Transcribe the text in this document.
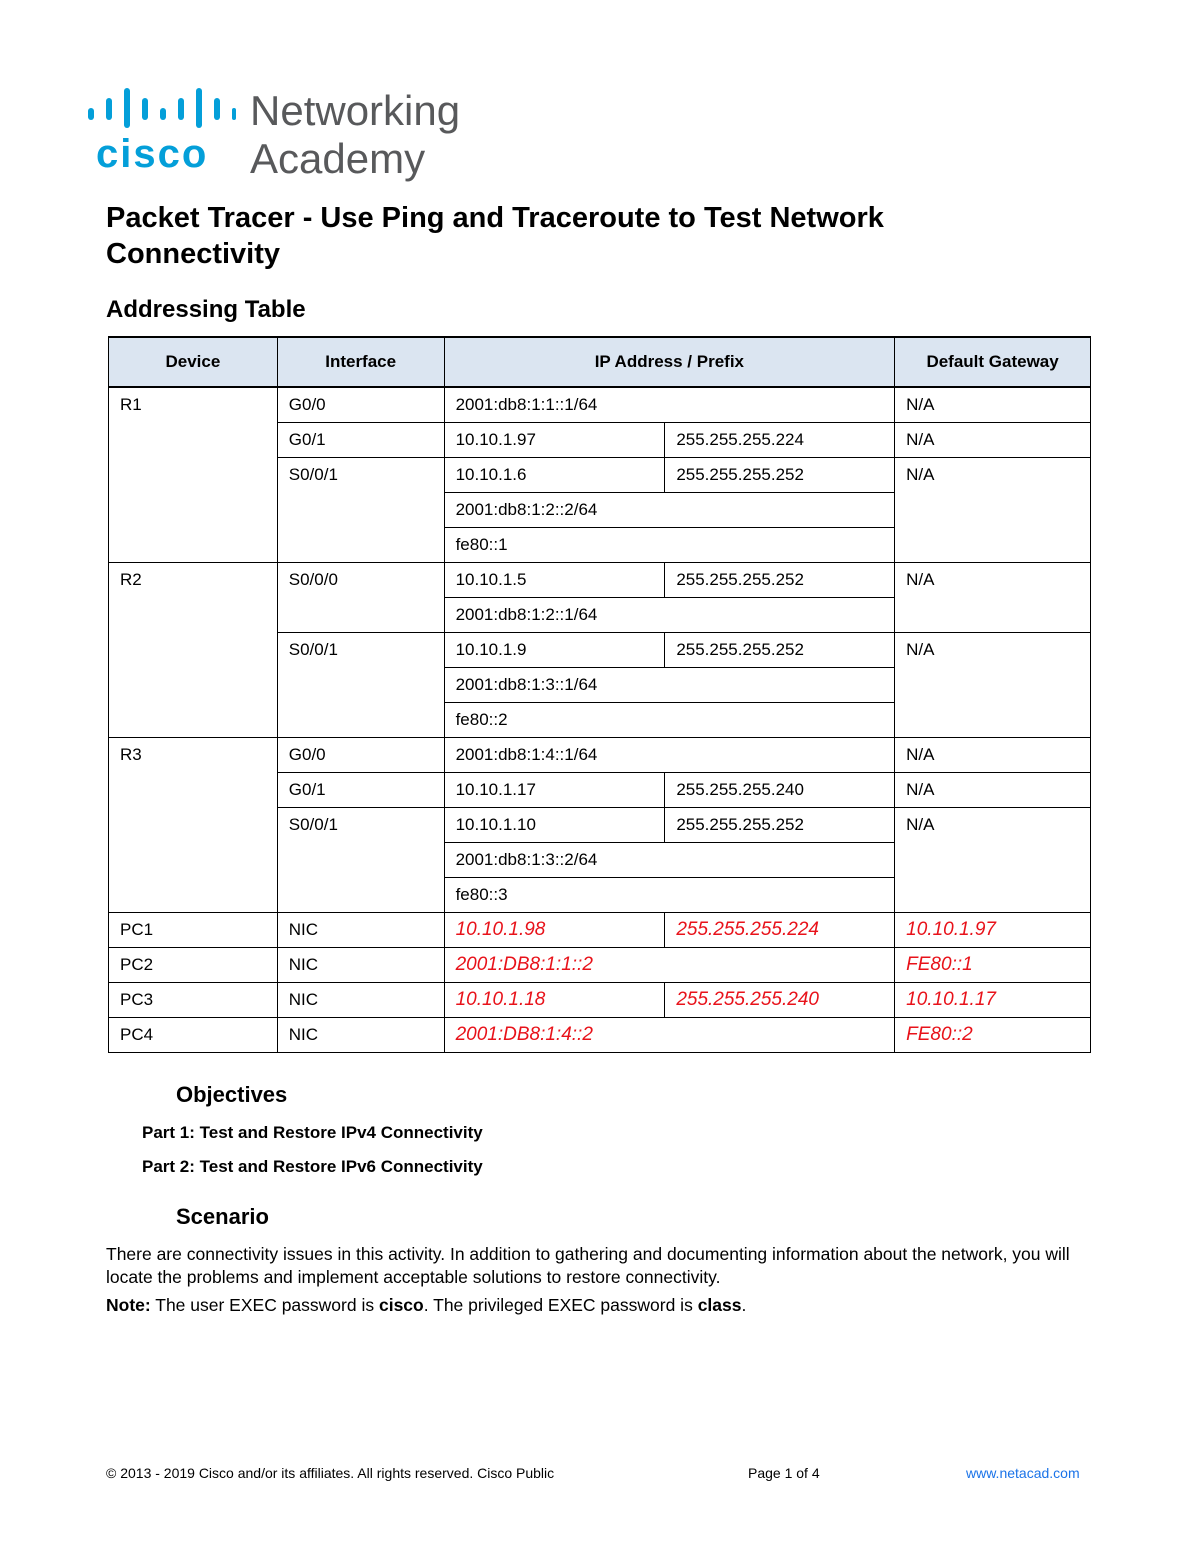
cisco
Networking
Academy
Packet Tracer - Use Ping and Traceroute to Test Network Connectivity
Addressing Table
Device	Interface	IP Address / Prefix		Default Gateway
R1	G0/0	2001:db8:1:1::1/64		N/A
	G0/1	10.10.1.97	255.255.255.224	N/A
	S0/0/1	10.10.1.6	255.255.255.252	N/A
		2001:db8:1:2::2/64		
		fe80::1		
R2	S0/0/0	10.10.1.5	255.255.255.252	N/A
		2001:db8:1:2::1/64		
	S0/0/1	10.10.1.9	255.255.255.252	N/A
		2001:db8:1:3::1/64		
		fe80::2		
R3	G0/0	2001:db8:1:4::1/64		N/A
	G0/1	10.10.1.17	255.255.255.240	N/A
	S0/0/1	10.10.1.10	255.255.255.252	N/A
		2001:db8:1:3::2/64		
		fe80::3		
PC1	NIC	10.10.1.98	255.255.255.224	10.10.1.97
PC2	NIC	2001:DB8:1:1::2		FE80::1
PC3	NIC	10.10.1.18	255.255.255.240	10.10.1.17
PC4	NIC	2001:DB8:1:4::2		FE80::2
Objectives
Part 1: Test and Restore IPv4 Connectivity
Part 2: Test and Restore IPv6 Connectivity
Scenario

There are connectivity issues in this activity. In addition to gathering and documenting information about the network, you will locate the problems and implement acceptable solutions to restore connectivity.

Note: The user EXEC password is cisco. The privileged EXEC password is class.

© 2013 - 2019 Cisco and/or its affiliates. All rights reserved. Cisco Public	Page 1 of 4	www.netacad.com
